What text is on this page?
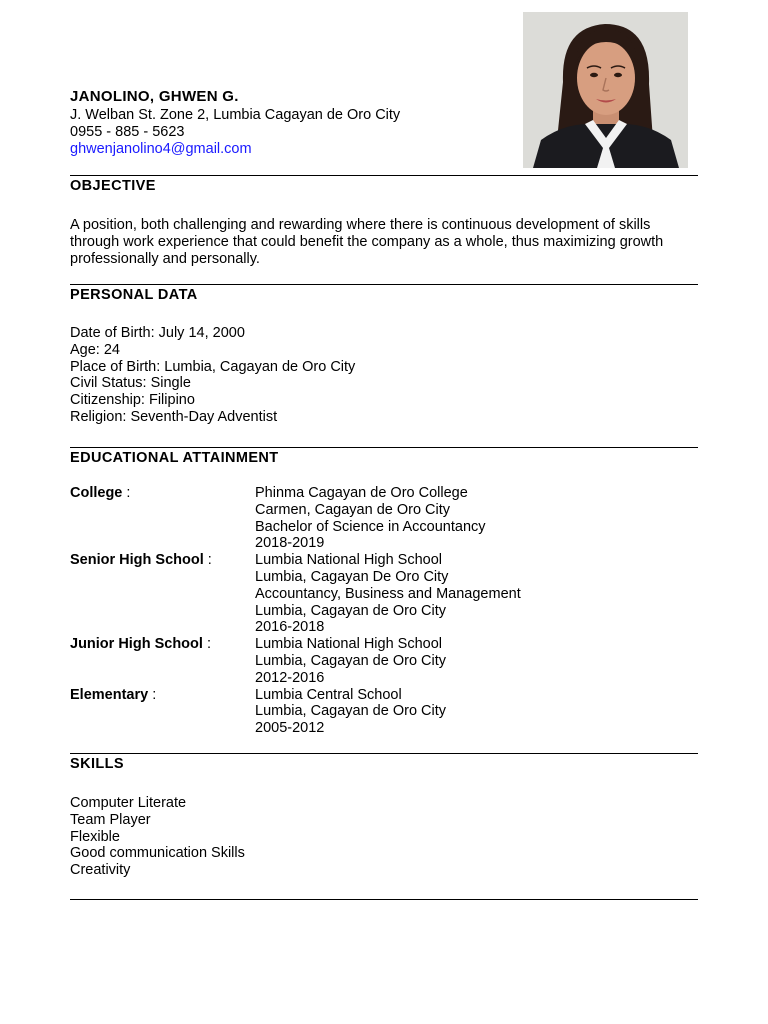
JANOLINO, GHWEN G.
J. Welban St. Zone 2, Lumbia Cagayan de Oro City
0955 - 885 - 5623
ghwenjanolino4@gmail.com
OBJECTIVE

A position, both challenging and rewarding where there is continuous development of skills through work experience that could benefit the company as a whole, thus maximizing growth professionally and personally.

PERSONAL DATA
Date of Birth: July 14, 2000
Age: 24
Place of Birth: Lumbia, Cagayan de Oro City
Civil Status: Single
Citizenship: Filipino
Religion: Seventh-Day Adventist
EDUCATIONAL ATTAINMENT
College :	Phinma Cagayan de Oro College
Carmen, Cagayan de Oro City
Bachelor of Science in Accountancy
2018-2019
Senior High School :	Lumbia National High School
Lumbia, Cagayan De Oro City
Accountancy, Business and Management
Lumbia, Cagayan de Oro City
2016-2018
Junior High School :	Lumbia National High School
Lumbia, Cagayan de Oro City
2012-2016
Elementary :	Lumbia Central School
Lumbia, Cagayan de Oro City
2005-2012
SKILLS
Computer Literate
Team Player
Flexible
Good communication Skills
Creativity
